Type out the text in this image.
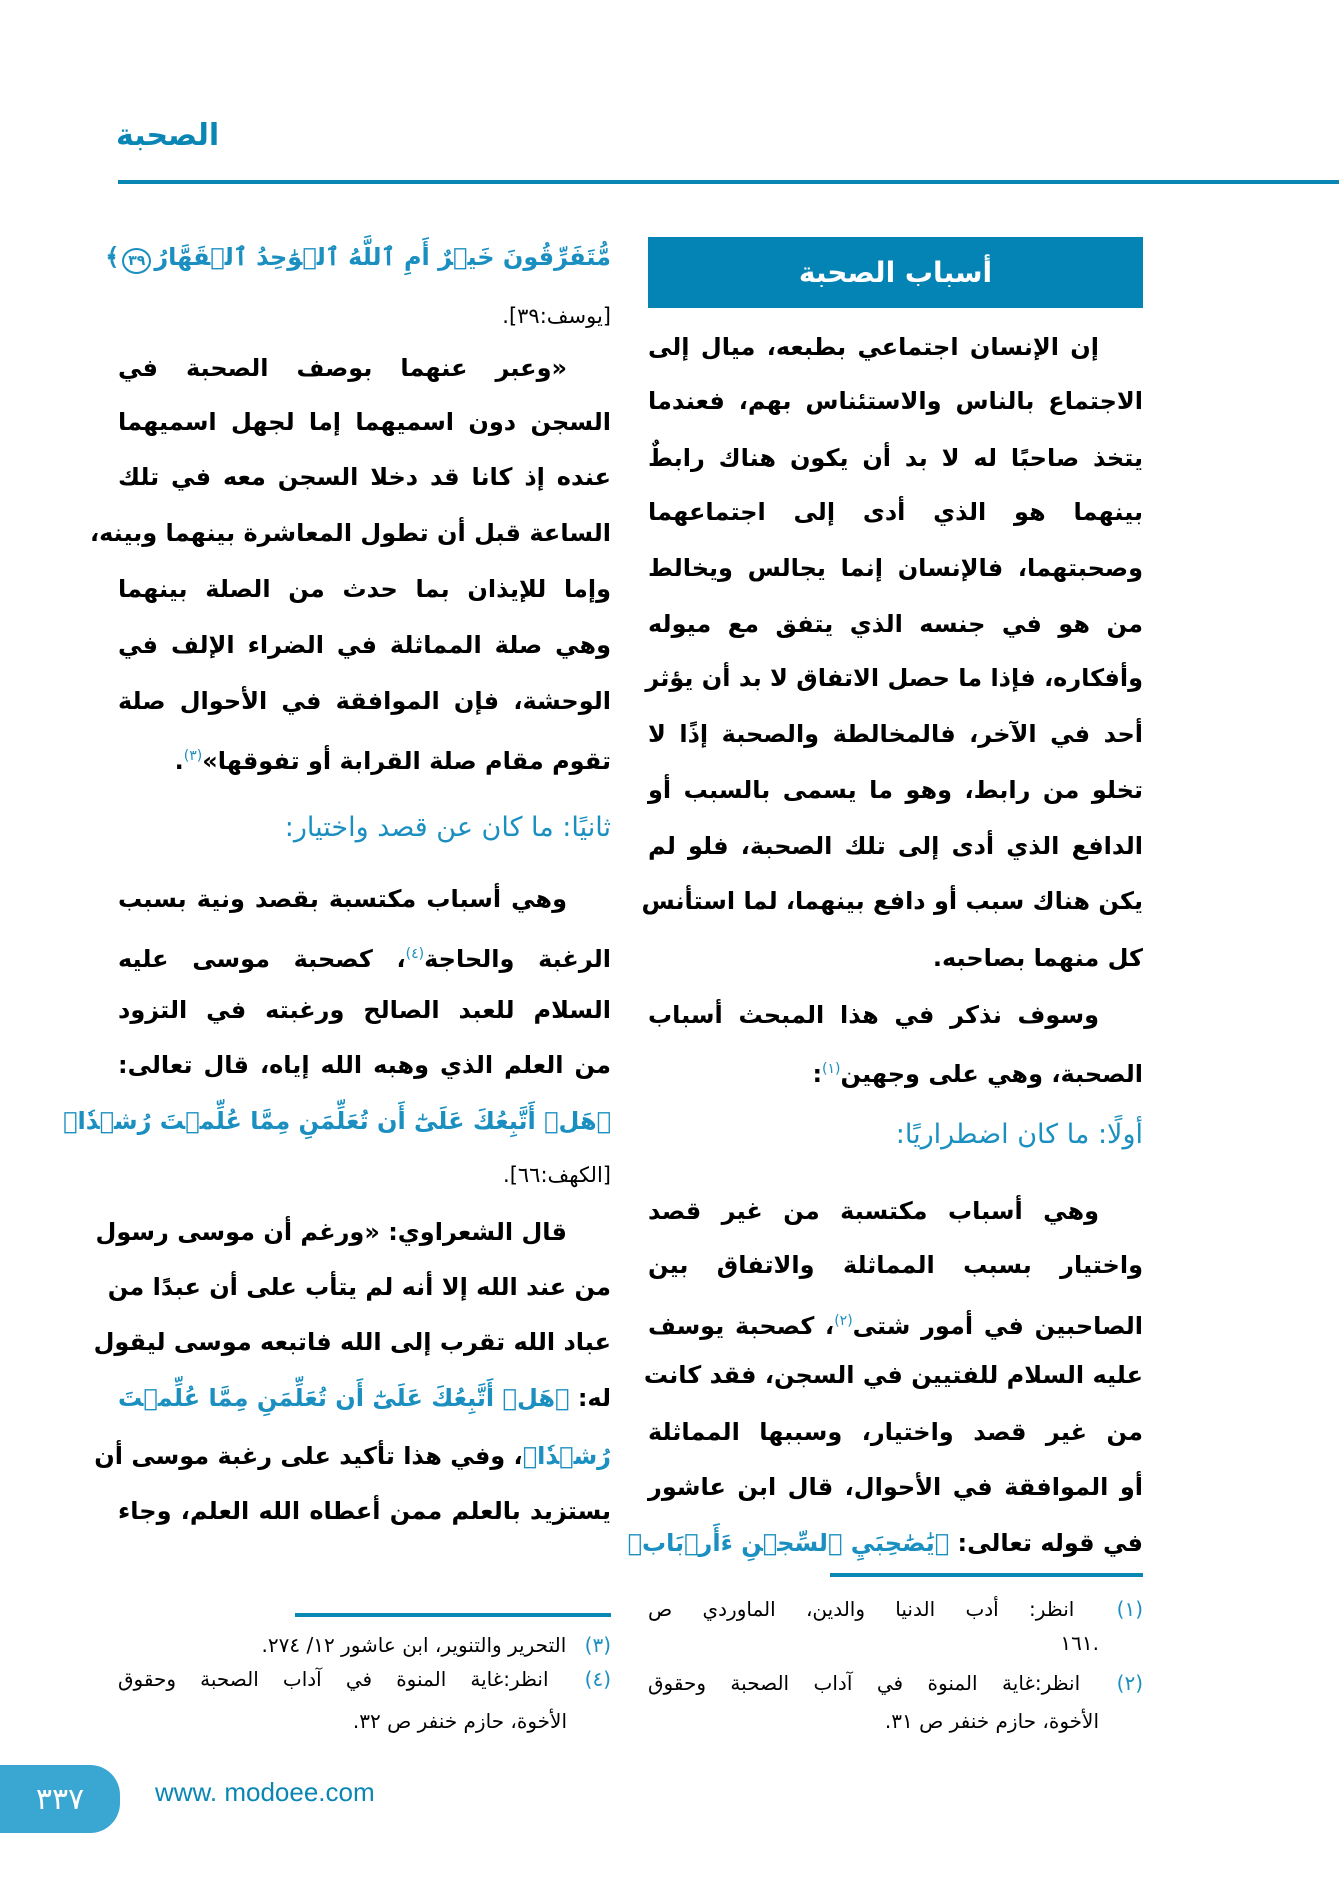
الصحبة
أسباب الصحبة
إن الإنسان اجتماعي بطبعه، ميال إلى
الاجتماع بالناس والاستئناس بهم، فعندما
يتخذ صاحبًا له لا بد أن يكون هناك رابطٌ
بينهما هو الذي أدى إلى اجتماعهما
وصحبتهما، فالإنسان إنما يجالس ويخالط
من هو في جنسه الذي يتفق مع ميوله
وأفكاره، فإذا ما حصل الاتفاق لا بد أن يؤثر
أحد في الآخر، فالمخالطة والصحبة إذًا لا
تخلو من رابط، وهو ما يسمى بالسبب أو
الدافع الذي أدى إلى تلك الصحبة، فلو لم
يكن هناك سبب أو دافع بينهما، لما استأنس
كل منهما بصاحبه.
وسوف نذكر في هذا المبحث أسباب
الصحبة، وهي على وجهين$^{(١)}$:
أولًا: ما كان اضطراريًا:
وهي أسباب مكتسبة من غير قصد
واختيار بسبب المماثلة والاتفاق بين
الصاحبين في أمور شتى$^{(٢)}$، كصحبة يوسف
عليه السلام للفتيين في السجن، فقد كانت
من غير قصد واختيار، وسببها المماثلة
أو الموافقة في الأحوال، قال ابن عاشور
في قوله تعالى: ﴿يَٰصَٰحِبَيِ ٱلسِّجۡنِ ءَأَرۡبَابٞ
(١) انظر: أدب الدنيا والدين، الماوردي ص
.١٦١
(٢) انظر:غاية المنوة في آداب الصحبة وحقوق
الأخوة، حازم خنفر ص ٣١.
مُّتَفَرِّقُونَ خَيۡرٌ أَمِ ٱللَّهُ ٱلۡوَٰحِدُ ٱلۡقَهَّارُ٣٩﴾
[يوسف:٣٩].
«وعبر عنهما بوصف الصحبة في
السجن دون اسميهما إما لجهل اسميهما
عنده إذ كانا قد دخلا السجن معه في تلك
الساعة قبل أن تطول المعاشرة بينهما وبينه،
وإما للإيذان بما حدث من الصلة بينهما
وهي صلة المماثلة في الضراء الإلف في
الوحشة، فإن الموافقة في الأحوال صلة
تقوم مقام صلة القرابة أو تفوقها»$^{(٣)}$.
ثانيًا: ما كان عن قصد واختيار:
وهي أسباب مكتسبة بقصد ونية بسبب
الرغبة والحاجة$^{(٤)}$، كصحبة موسى عليه
السلام للعبد الصالح ورغبته في التزود
من العلم الذي وهبه الله إياه، قال تعالى:
﴿هَلۡ أَتَّبِعُكَ عَلَىٰٓ أَن تُعَلِّمَنِ مِمَّا عُلِّمۡتَ رُشۡدٗا﴾
[الكهف:٦٦].
قال الشعراوي: «ورغم أن موسى رسول
من عند الله إلا أنه لم يتأب على أن عبدًا من
عباد الله تقرب إلى الله فاتبعه موسى ليقول
له: ﴿هَلۡ أَتَّبِعُكَ عَلَىٰٓ أَن تُعَلِّمَنِ مِمَّا عُلِّمۡتَ
رُشۡدٗا﴾، وفي هذا تأكيد على رغبة موسى أن
يستزيد بالعلم ممن أعطاه الله العلم، وجاء
(٣) التحرير والتنوير، ابن عاشور ١٢/ ٢٧٤.
(٤) انظر:غاية المنوة في آداب الصحبة وحقوق
الأخوة، حازم خنفر ص ٣٢.
٣٣٧	www. modoee.com
